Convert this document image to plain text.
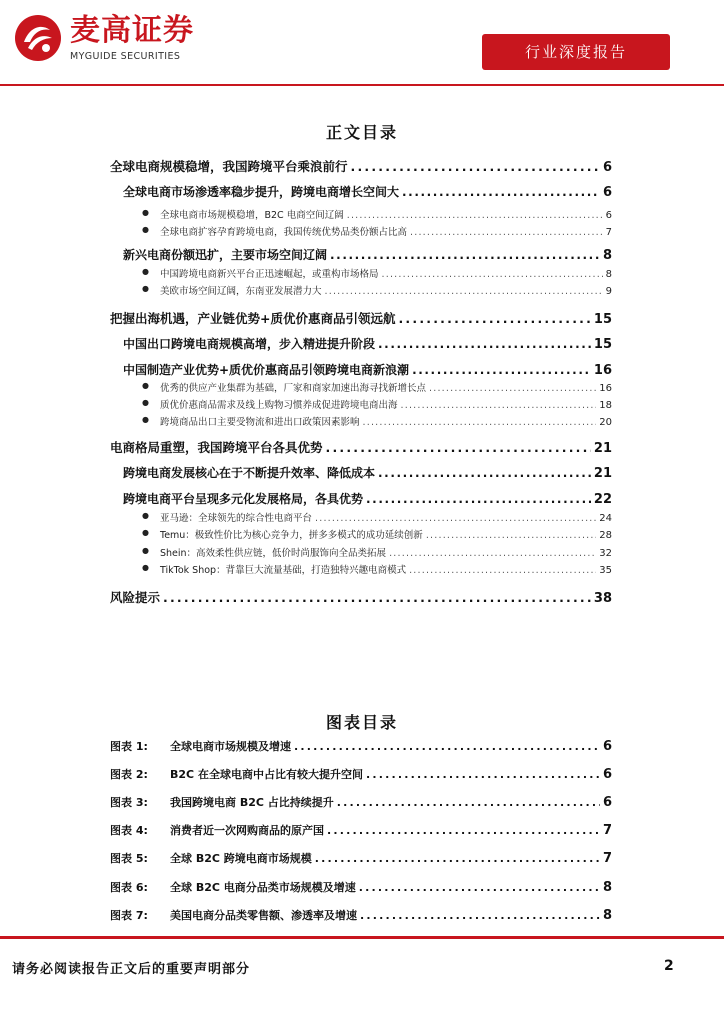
麦高证券
MYGUIDE SECURITIES	行业深度报告
正文目录
全球电商规模稳增，我国跨境平台乘浪前行 .....	6
全球电商市场渗透率稳步提升，跨境电商增长空间大 .....	6
● 全球电商市场规模稳增，B2C 电商空间辽阔 .....	6
● 全球电商扩容孕育跨境电商，我国传统优势品类份额占比高 .....	7
新兴电商份额迅扩，主要市场空间辽阔 .....	8
● 中国跨境电商新兴平台正迅速崛起，或重构市场格局 .....	8
● 美欧市场空间辽阔，东南亚发展潜力大 .....	9
把握出海机遇，产业链优势+质优价惠商品引领远航 .....	15
中国出口跨境电商规模高增，步入精进提升阶段 .....	15
中国制造产业优势+质优价惠商品引领跨境电商新浪潮 .....	16
● 优秀的供应产业集群为基础，厂家和商家加速出海寻找新增长点 .....	16
● 质优价惠商品需求及线上购物习惯养成促进跨境电商出海 .....	18
● 跨境商品出口主要受物流和进出口政策因素影响 .....	20
电商格局重塑，我国跨境平台各具优势 .....	21
跨境电商发展核心在于不断提升效率、降低成本 .....	21
跨境电商平台呈现多元化发展格局，各具优势 .....	22
● 亚马逊：全球领先的综合性电商平台 .....	24
● Temu：极致性价比为核心竞争力，拼多多模式的成功延续创新 .....	28
● Shein：高效柔性供应链，低价时尚服饰向全品类拓展 .....	32
● TikTok Shop：背靠巨大流量基础，打造独特兴趣电商模式 .....	35
风险提示 .....	38
图表目录
图表 1:	全球电商市场规模及增速 .....	6
图表 2:	B2C 在全球电商中占比有较大提升空间 .....	6
图表 3:	我国跨境电商 B2C 占比持续提升 .....	6
图表 4:	消费者近一次网购商品的原产国 .....	7
图表 5:	全球 B2C 跨境电商市场规模 .....	7
图表 6:	全球 B2C 电商分品类市场规模及增速 .....	8
图表 7:	美国电商分品类零售额、渗透率及增速 .....	8
请务必阅读报告正文后的重要声明部分	2
